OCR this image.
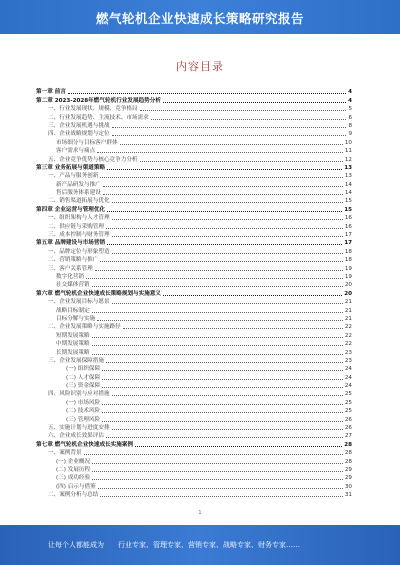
燃气轮机企业快速成长策略研究报告
内容目录
第一章 前言	4
第二章 2023-2028年燃气轮机行业发展趋势分析	4
一、行业发展现状、规模、竞争格局	5
二、行业发展趋势、主流技术、市场需求	6
三、企业发展机遇与挑战	8
四、企业战略规划与定位	9
市场细分与目标客户群体	10
客户需求与痛点	11
五、企业竞争优势与核心竞争力分析	12
第三章 业务拓展与渠道策略	13
一、产品与服务创新	13
新产品研发与推广	14
售后服务体系建设	14
二、销售渠道拓展与优化	15
第四章 企业运营与管理优化	15
一、组织架构与人才管理	16
二、供应链与采购管理	16
三、成本控制与财务管理	17
第五章 品牌建设与市场营销	17
一、品牌定位与形象塑造	18
二、营销策略与推广	18
三、客户关系管理	19
数字化营销	19
社交媒体营销	20
第六章 燃气轮机企业快速成长策略规划与实施意义	20
一、企业发展目标与愿景	21
战略目标制定	21
目标分解与实施	21
二、企业发展策略与实施路径	22
短期发展策略	22
中期发展策略	22
长期发展策略	23
三、企业发展保障措施	23
(一) 组织保障	24
(二) 人才保障	24
(三) 资金保障	24
四、风险识别与应对措施	25
(一) 市场风险	25
(二) 技术风险	25
(三) 管理风险	26
五、实施计划与进度安排	26
六、企业成长效果评估	27
第七章 燃气轮机企业快速成长实施案例	28
一、案例背景	28
(一) 企业概况	28
(二) 发展历程	29
(三) 成功经验	29
(四) 启示与借鉴	30
二、案例分析与总结	31
1
让每个人都能成为 行业专家、管理专家、营销专家、战略专家、财务专家……
